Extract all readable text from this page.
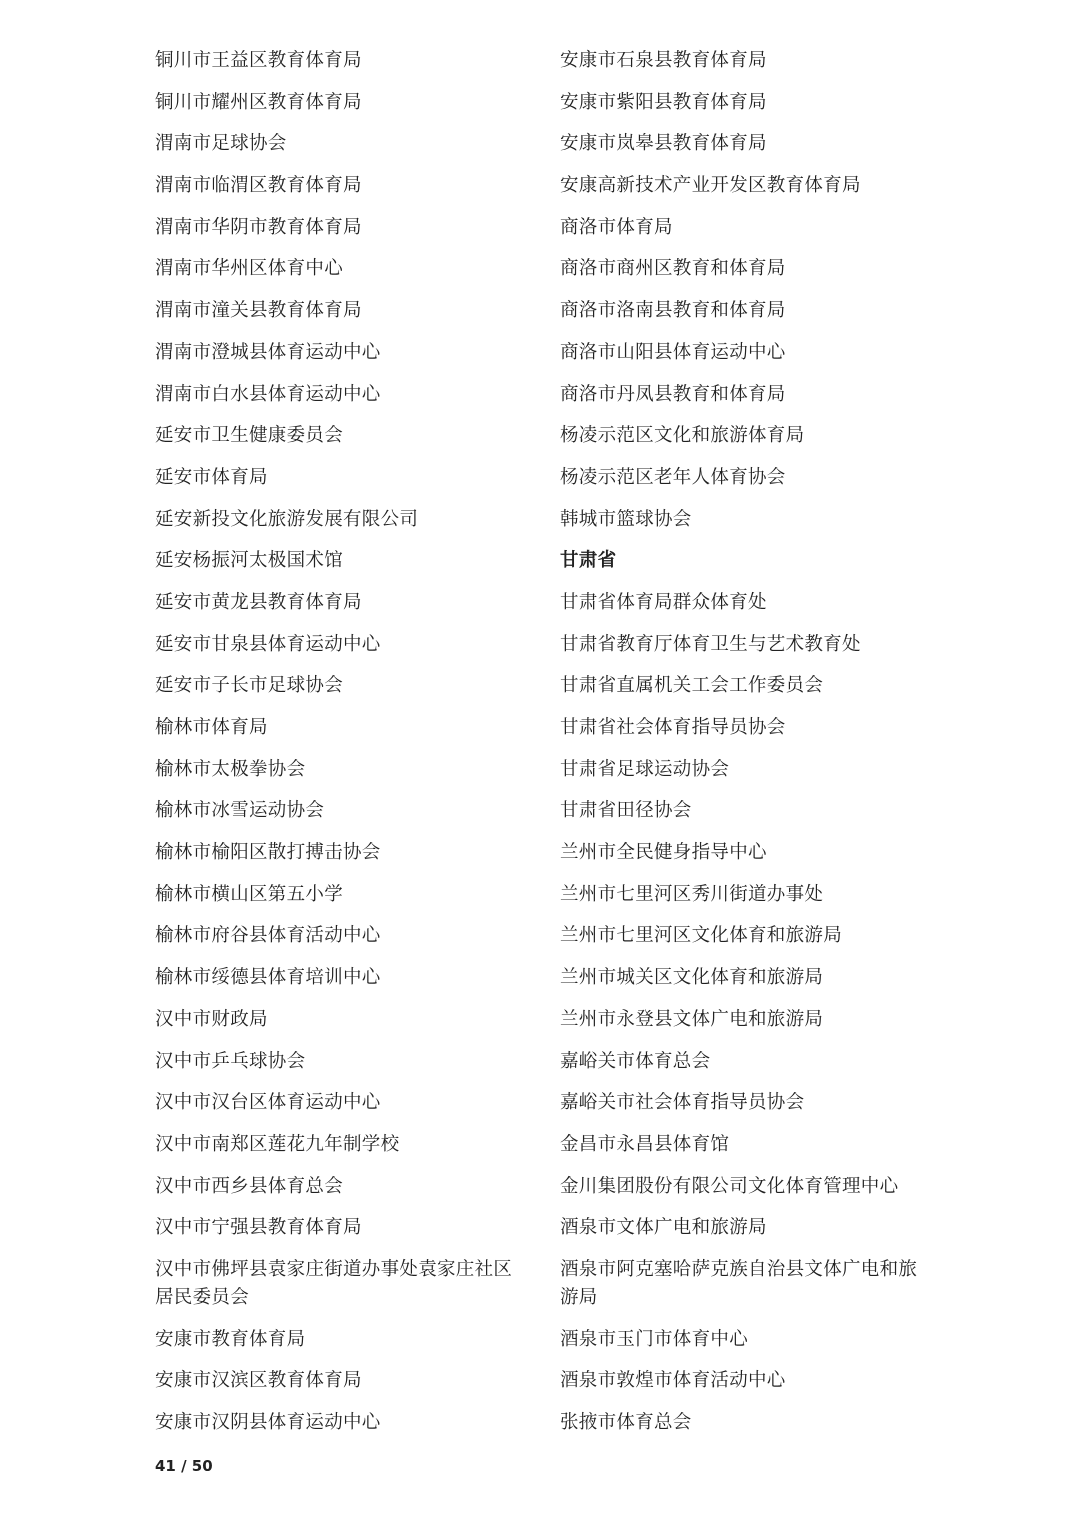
铜川市王益区教育体育局
铜川市耀州区教育体育局
渭南市足球协会
渭南市临渭区教育体育局
渭南市华阴市教育体育局
渭南市华州区体育中心
渭南市潼关县教育体育局
渭南市澄城县体育运动中心
渭南市白水县体育运动中心
延安市卫生健康委员会
延安市体育局
延安新投文化旅游发展有限公司
延安杨振河太极国术馆
延安市黄龙县教育体育局
延安市甘泉县体育运动中心
延安市子长市足球协会
榆林市体育局
榆林市太极拳协会
榆林市冰雪运动协会
榆林市榆阳区散打搏击协会
榆林市横山区第五小学
榆林市府谷县体育活动中心
榆林市绥德县体育培训中心
汉中市财政局
汉中市乒乓球协会
汉中市汉台区体育运动中心
汉中市南郑区莲花九年制学校
汉中市西乡县体育总会
汉中市宁强县教育体育局
汉中市佛坪县袁家庄街道办事处袁家庄社区居民委员会
安康市教育体育局
安康市汉滨区教育体育局
安康市汉阴县体育运动中心
安康市石泉县教育体育局
安康市紫阳县教育体育局
安康市岚皋县教育体育局
安康高新技术产业开发区教育体育局
商洛市体育局
商洛市商州区教育和体育局
商洛市洛南县教育和体育局
商洛市山阳县体育运动中心
商洛市丹凤县教育和体育局
杨凌示范区文化和旅游体育局
杨凌示范区老年人体育协会
韩城市篮球协会
甘肃省
甘肃省体育局群众体育处
甘肃省教育厅体育卫生与艺术教育处
甘肃省直属机关工会工作委员会
甘肃省社会体育指导员协会
甘肃省足球运动协会
甘肃省田径协会
兰州市全民健身指导中心
兰州市七里河区秀川街道办事处
兰州市七里河区文化体育和旅游局
兰州市城关区文化体育和旅游局
兰州市永登县文体广电和旅游局
嘉峪关市体育总会
嘉峪关市社会体育指导员协会
金昌市永昌县体育馆
金川集团股份有限公司文化体育管理中心
酒泉市文体广电和旅游局
酒泉市阿克塞哈萨克族自治县文体广电和旅游局
酒泉市玉门市体育中心
酒泉市敦煌市体育活动中心
张掖市体育总会
41 / 50
